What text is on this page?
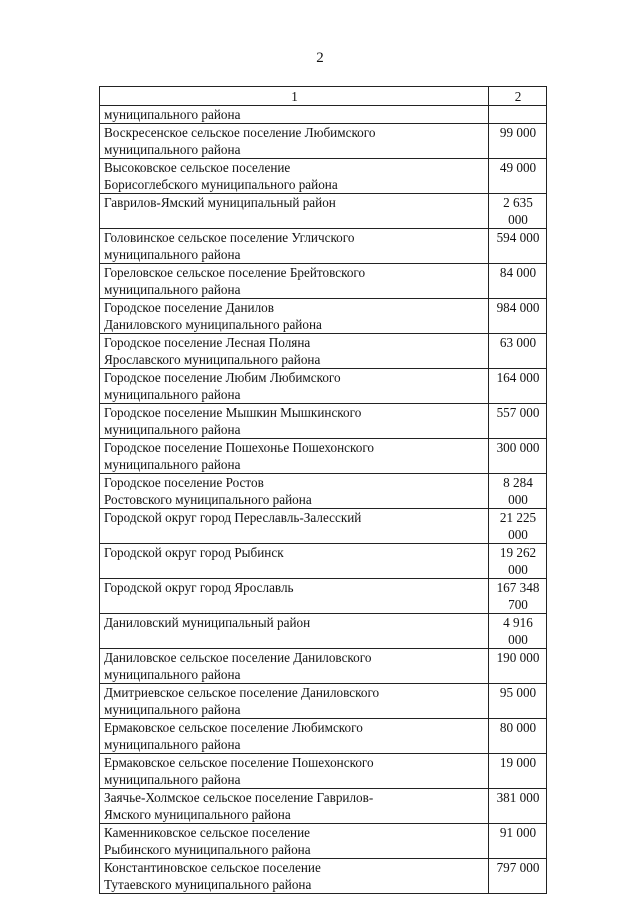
2
1	2

муниципального района	

Воскресенское сельское поселение Любимского
муниципального района	99 000

Высоковское сельское поселение
Борисоглебского муниципального района	49 000

Гаврилов-Ямский муниципальный район	2 635 000

Головинское сельское поселение Угличского
муниципального района	594 000

Гореловское сельское поселение Брейтовского
муниципального района	84 000

Городское поселение Данилов
Даниловского муниципального района	984 000

Городское поселение Лесная Поляна
Ярославского муниципального района	63 000

Городское поселение Любим Любимского
муниципального района	164 000

Городское поселение Мышкин Мышкинского
муниципального района	557 000

Городское поселение Пошехонье Пошехонского
муниципального района	300 000

Городское поселение Ростов
Ростовского муниципального района	8 284 000

Городской округ город Переславль-Залесский	21 225 000

Городской округ город Рыбинск	19 262 000

Городской округ город Ярославль	167 348 700

Даниловский муниципальный район	4 916 000

Даниловское сельское поселение Даниловского
муниципального района	190 000

Дмитриевское сельское поселение Даниловского
муниципального района	95 000

Ермаковское сельское поселение Любимского
муниципального района	80 000

Ермаковское сельское поселение Пошехонского
муниципального района	19 000

Заячье-Холмское сельское поселение Гаврилов-
Ямского муниципального района	381 000

Каменниковское сельское поселение
Рыбинского муниципального района	91 000

Константиновское сельское поселение
Тутаевского муниципального района	797 000
